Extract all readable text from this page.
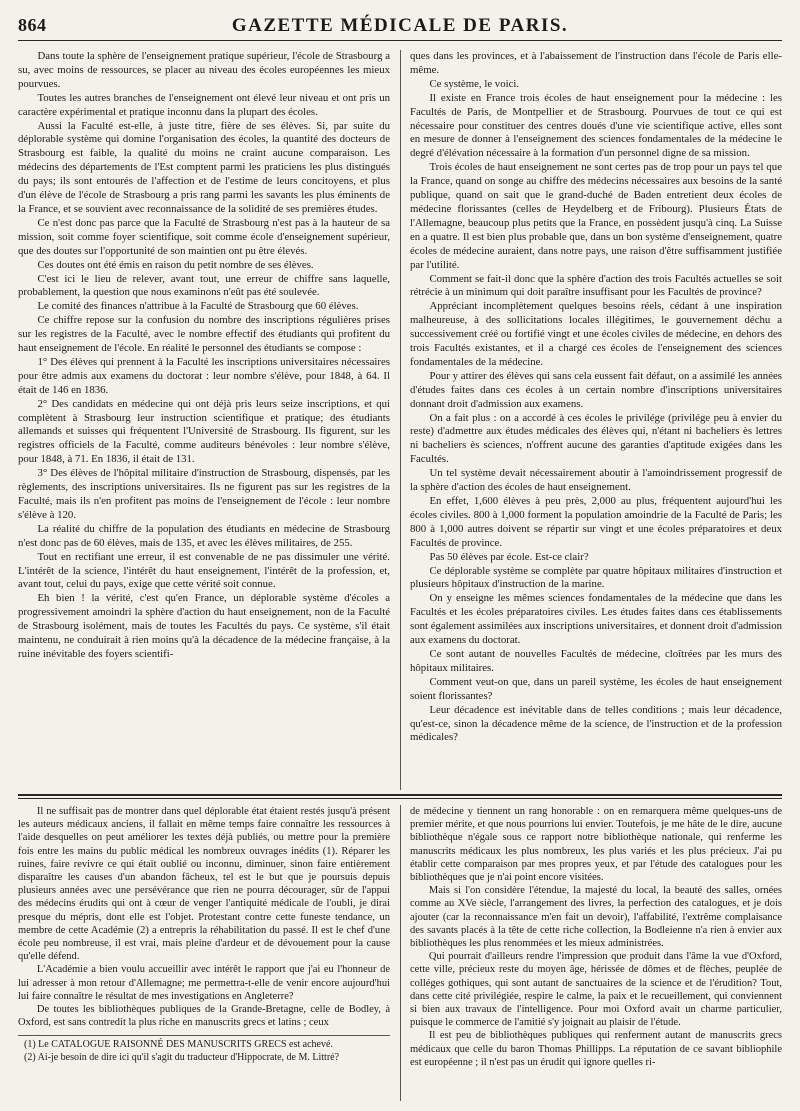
864	GAZETTE MÉDICALE DE PARIS.

Dans toute la sphère de l'enseignement pratique supérieur, l'école de Strasbourg a su, avec moins de ressources, se placer au niveau des écoles européennes les mieux pourvues.

Toutes les autres branches de l'enseignement ont élevé leur niveau et ont pris un caractère expérimental et pratique inconnu dans la plupart des écoles.

Aussi la Faculté est-elle, à juste titre, fière de ses élèves. Si, par suite du déplorable système qui domine l'organisation des écoles, la quantité des docteurs de Strasbourg est faible, la qualité du moins ne craint aucune comparaison. Les médecins des départements de l'Est comptent parmi les praticiens les plus distingués du pays; ils sont entourés de l'affection et de l'estime de leurs concitoyens, et plus d'un élève de l'école de Strasbourg a pris rang parmi les savants les plus éminents de la France, et se souvient avec reconnaissance de la solidité de ses premières études.

Ce n'est donc pas parce que la Faculté de Strasbourg n'est pas à la hauteur de sa mission, soit comme foyer scientifique, soit comme école d'enseignement supérieur, que des doutes sur l'opportunité de son maintien ont pu être élevés.

Ces doutes ont été émis en raison du petit nombre de ses élèves.

C'est ici le lieu de relever, avant tout, une erreur de chiffre sans laquelle, probablement, la question que nous examinons n'eût pas été soulevée.

Le comité des finances n'attribue à la Faculté de Strasbourg que 60 élèves.

Ce chiffre repose sur la confusion du nombre des inscriptions régulières prises sur les registres de la Faculté, avec le nombre effectif des étudiants qui profitent du haut enseignement de l'école. En réalité le personnel des étudiants se compose :

1° Des élèves qui prennent à la Faculté les inscriptions universitaires nécessaires pour être admis aux examens du doctorat : leur nombre s'élève, pour 1848, à 64. Il était de 146 en 1836.

2° Des candidats en médecine qui ont déjà pris leurs seize inscriptions, et qui complètent à Strasbourg leur instruction scientifique et pratique; des étudiants allemands et suisses qui fréquentent l'Université de Strasbourg. Ils figurent, sur les registres officiels de la Faculté, comme auditeurs bénévoles : leur nombre s'élève, pour 1848, à 71. En 1836, il était de 131.

3° Des élèves de l'hôpital militaire d'instruction de Strasbourg, dispensés, par les règlements, des inscriptions universitaires. Ils ne figurent pas sur les registres de la Faculté, mais ils n'en profitent pas moins de l'enseignement de l'école : leur nombre s'élève à 120.

La réalité du chiffre de la population des étudiants en médecine de Strasbourg n'est donc pas de 60 élèves, mais de 135, et avec les élèves militaires, de 255.

Tout en rectifiant une erreur, il est convenable de ne pas dissimuler une vérité. L'intérêt de la science, l'intérêt du haut enseignement, l'intérêt de la profession, et, avant tout, celui du pays, exige que cette vérité soit connue.

Eh bien ! la vérité, c'est qu'en France, un déplorable système d'écoles a progressivement amoindri la sphère d'action du haut enseignement, non de la Faculté de Strasbourg isolément, mais de toutes les Facultés du pays. Ce système, s'il était maintenu, ne conduirait à rien moins qu'à la décadence de la médecine française, à la ruine inévitable des foyers scientifi-

ques dans les provinces, et à l'abaissement de l'instruction dans l'école de Paris elle-même.

Ce système, le voici.

Il existe en France trois écoles de haut enseignement pour la médecine : les Facultés de Paris, de Montpellier et de Strasbourg. Pourvues de tout ce qui est nécessaire pour constituer des centres doués d'une vie scientifique active, elles sont en mesure de donner à l'enseignement des sciences fondamentales de la médecine le degré d'élévation nécessaire à la formation d'un personnel digne de sa mission.

Trois écoles de haut enseignement ne sont certes pas de trop pour un pays tel que la France, quand on songe au chiffre des médecins nécessaires aux besoins de la santé publique, quand on sait que le grand-duché de Baden entretient deux écoles de médecine florissantes (celles de Heydelberg et de Fribourg). Plusieurs États de l'Allemagne, beaucoup plus petits que la France, en possèdent jusqu'à cinq. La Suisse en a quatre. Il est bien plus probable que, dans un bon système d'enseignement, quatre écoles de médecine auraient, dans notre pays, une raison d'être suffisamment justifiée par l'utilité.

Comment se fait-il donc que la sphère d'action des trois Facultés actuelles se soit rétrécie à un minimum qui doit paraître insuffisant pour les Facultés de province?

Appréciant incomplètement quelques besoins réels, cédant à une inspiration malheureuse, à des sollicitations locales illégitimes, le gouvernement déchu a successivement créé ou fortifié vingt et une écoles civiles de médecine, en dehors des trois Facultés existantes, et il a chargé ces écoles de l'enseignement des sciences fondamentales de la médecine.

Pour y attirer des élèves qui sans cela eussent fait défaut, on a assimilé les années d'études faites dans ces écoles à un certain nombre d'inscriptions universitaires donnant droit d'admission aux examens.

On a fait plus : on a accordé à ces écoles le privilége (privilége peu à envier du reste) d'admettre aux études médicales des élèves qui, n'étant ni bacheliers ès lettres ni bacheliers ès sciences, n'offrent aucune des garanties d'aptitude exigées dans les Facultés.

Un tel système devait nécessairement aboutir à l'amoindrissement progressif de la sphère d'action des écoles de haut enseignement.

En effet, 1,600 élèves à peu près, 2,000 au plus, fréquentent aujourd'hui les écoles civiles. 800 à 1,000 forment la population amoindrie de la Faculté de Paris; les 800 à 1,000 autres doivent se répartir sur vingt et une écoles préparatoires et deux Facultés de province.

Pas 50 élèves par école. Est-ce clair?

Ce déplorable système se complète par quatre hôpitaux militaires d'instruction et plusieurs hôpitaux d'instruction de la marine.

On y enseigne les mêmes sciences fondamentales de la médecine que dans les Facultés et les écoles préparatoires civiles. Les études faites dans ces établissements sont également assimilées aux inscriptions universitaires, et donnent droit d'admission aux examens du doctorat.

Ce sont autant de nouvelles Facultés de médecine, cloîtrées par les murs des hôpitaux militaires.

Comment veut-on que, dans un pareil système, les écoles de haut enseignement soient florissantes?

Leur décadence est inévitable dans de telles conditions ; mais leur décadence, qu'est-ce, sinon la décadence même de la science, de l'instruction et de la profession médicales?

Il ne suffisait pas de montrer dans quel déplorable état étaient restés jusqu'à présent les auteurs médicaux anciens, il fallait en même temps faire connaître les ressources à l'aide desquelles on peut améliorer les textes déjà publiés, ou mettre pour la première fois entre les mains du public médical les nombreux ouvrages inédits (1). Réparer les ruines, faire revivre ce qui était oublié ou inconnu, diminuer, sinon faire entièrement disparaître les causes d'un abandon fâcheux, tel est le but que je poursuis depuis plusieurs années avec une persévérance que rien ne pourra décourager, sûr de l'appui des médecins érudits qui ont à cœur de venger l'antiquité médicale de l'oubli, je dirai presque du mépris, dont elle est l'objet. Protestant contre cette funeste tendance, un membre de cette Académie (2) a entrepris la réhabilitation du passé. Il est le chef d'une école peu nombreuse, il est vrai, mais pleine d'ardeur et de dévouement pour la cause qu'elle défend.

L'Académie a bien voulu accueillir avec intérêt le rapport que j'ai eu l'honneur de lui adresser à mon retour d'Allemagne; me permettra-t-elle de venir encore aujourd'hui lui faire connaître le résultat de mes investigations en Angleterre?

De toutes les bibliothèques publiques de la Grande-Bretagne, celle de Bodley, à Oxford, est sans contredit la plus riche en manuscrits grecs et latins ; ceux

(1) Le CATALOGUE RAISONNÉ DES MANUSCRITS GRECS est achevé.

(2) Ai-je besoin de dire ici qu'il s'agit du traducteur d'Hippocrate, de M. Littré?

de médecine y tiennent un rang honorable : on en remarquera même quelques-uns de premier mérite, et que nous pourrions lui envier. Toutefois, je me hâte de le dire, aucune bibliothèque n'égale sous ce rapport notre bibliothèque nationale, qui renferme les manuscrits médicaux les plus nombreux, les plus variés et les plus précieux. J'ai pu établir cette comparaison par mes propres yeux, et par l'étude des catalogues pour les bibliothèques que je n'ai point encore visitées.

Mais si l'on considère l'étendue, la majesté du local, la beauté des salles, ornées comme au XVe siècle, l'arrangement des livres, la perfection des catalogues, et je dois ajouter (car la reconnaissance m'en fait un devoir), l'affabilité, l'extrême complaisance des savants placés à la tête de cette riche collection, la Bodleienne n'a rien à envier aux bibliothèques les plus renommées et les mieux administrées.

Qui pourrait d'ailleurs rendre l'impression que produit dans l'âme la vue d'Oxford, cette ville, précieux reste du moyen âge, hérissée de dômes et de flèches, peuplée de colléges gothiques, qui sont autant de sanctuaires de la science et de l'érudition? Tout, dans cette cité privilégiée, respire le calme, la paix et le recueillement, qui conviennent si bien aux travaux de l'intelligence. Pour moi Oxford avait un charme particulier, puisque le commerce de l'amitié s'y joignait au plaisir de l'étude.

Il est peu de bibliothèques publiques qui renferment autant de manuscrits grecs médicaux que celle du baron Thomas Phillipps. La réputation de ce savant bibliophile est européenne ; il n'est pas un érudit qui ignore quelles ri-
